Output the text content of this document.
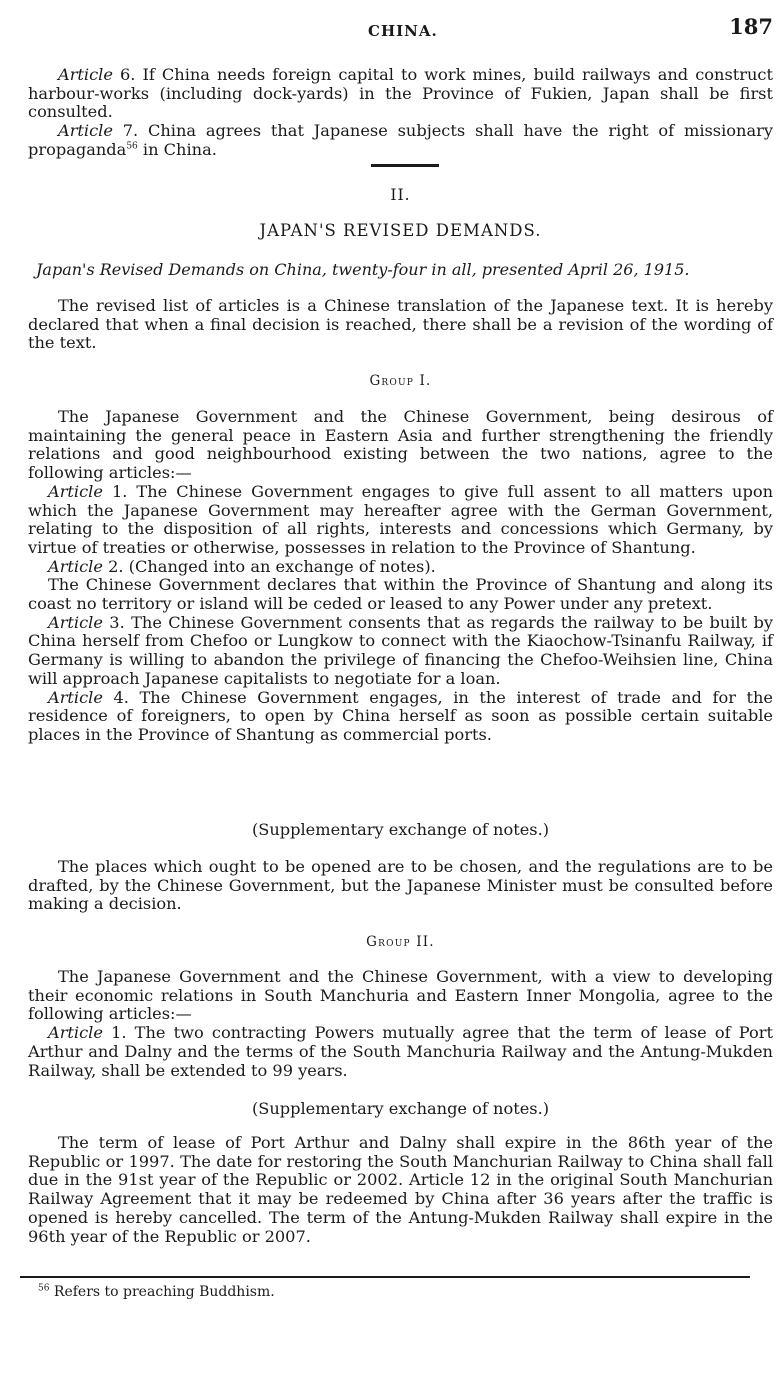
CHINA.	187

Article 6. If China needs foreign capital to work mines, build railways and construct harbour-works (including dock-yards) in the Province of Fukien, Japan shall be first consulted.

Article 7. China agrees that Japanese subjects shall have the right of missionary propaganda$^{56}$ in China.

II.
JAPAN'S REVISED DEMANDS.
Japan's Revised Demands on China, twenty-four in all, presented April 26, 1915.

The revised list of articles is a Chinese translation of the Japanese text. It is hereby declared that when a final decision is reached, there shall be a revision of the wording of the text.

Group I.

The Japanese Government and the Chinese Government, being desirous of maintaining the general peace in Eastern Asia and further strengthening the friendly relations and good neighbourhood existing between the two nations, agree to the following articles:—

Article 1. The Chinese Government engages to give full assent to all matters upon which the Japanese Government may hereafter agree with the German Government, relating to the disposition of all rights, interests and concessions which Germany, by virtue of treaties or otherwise, possesses in relation to the Province of Shantung.

Article 2. (Changed into an exchange of notes).

The Chinese Government declares that within the Province of Shantung and along its coast no territory or island will be ceded or leased to any Power under any pretext.

Article 3. The Chinese Government consents that as regards the railway to be built by China herself from Chefoo or Lungkow to connect with the Kiaochow-Tsinanfu Railway, if Germany is willing to abandon the privilege of financing the Chefoo-Weihsien line, China will approach Japanese capitalists to negotiate for a loan.

Article 4. The Chinese Government engages, in the interest of trade and for the residence of foreigners, to open by China herself as soon as possible certain suitable places in the Province of Shantung as commercial ports.

(Supplementary exchange of notes.)

The places which ought to be opened are to be chosen, and the regulations are to be drafted, by the Chinese Government, but the Japanese Minister must be consulted before making a decision.

Group II.

The Japanese Government and the Chinese Government, with a view to developing their economic relations in South Manchuria and Eastern Inner Mongolia, agree to the following articles:—

Article 1. The two contracting Powers mutually agree that the term of lease of Port Arthur and Dalny and the terms of the South Manchuria Railway and the Antung-Mukden Railway, shall be extended to 99 years.

(Supplementary exchange of notes.)

The term of lease of Port Arthur and Dalny shall expire in the 86th year of the Republic or 1997. The date for restoring the South Manchurian Railway to China shall fall due in the 91st year of the Republic or 2002. Article 12 in the original South Manchurian Railway Agreement that it may be redeemed by China after 36 years after the traffic is opened is hereby cancelled. The term of the Antung-Mukden Railway shall expire in the 96th year of the Republic or 2007.

$^{56}$ Refers to preaching Buddhism.
